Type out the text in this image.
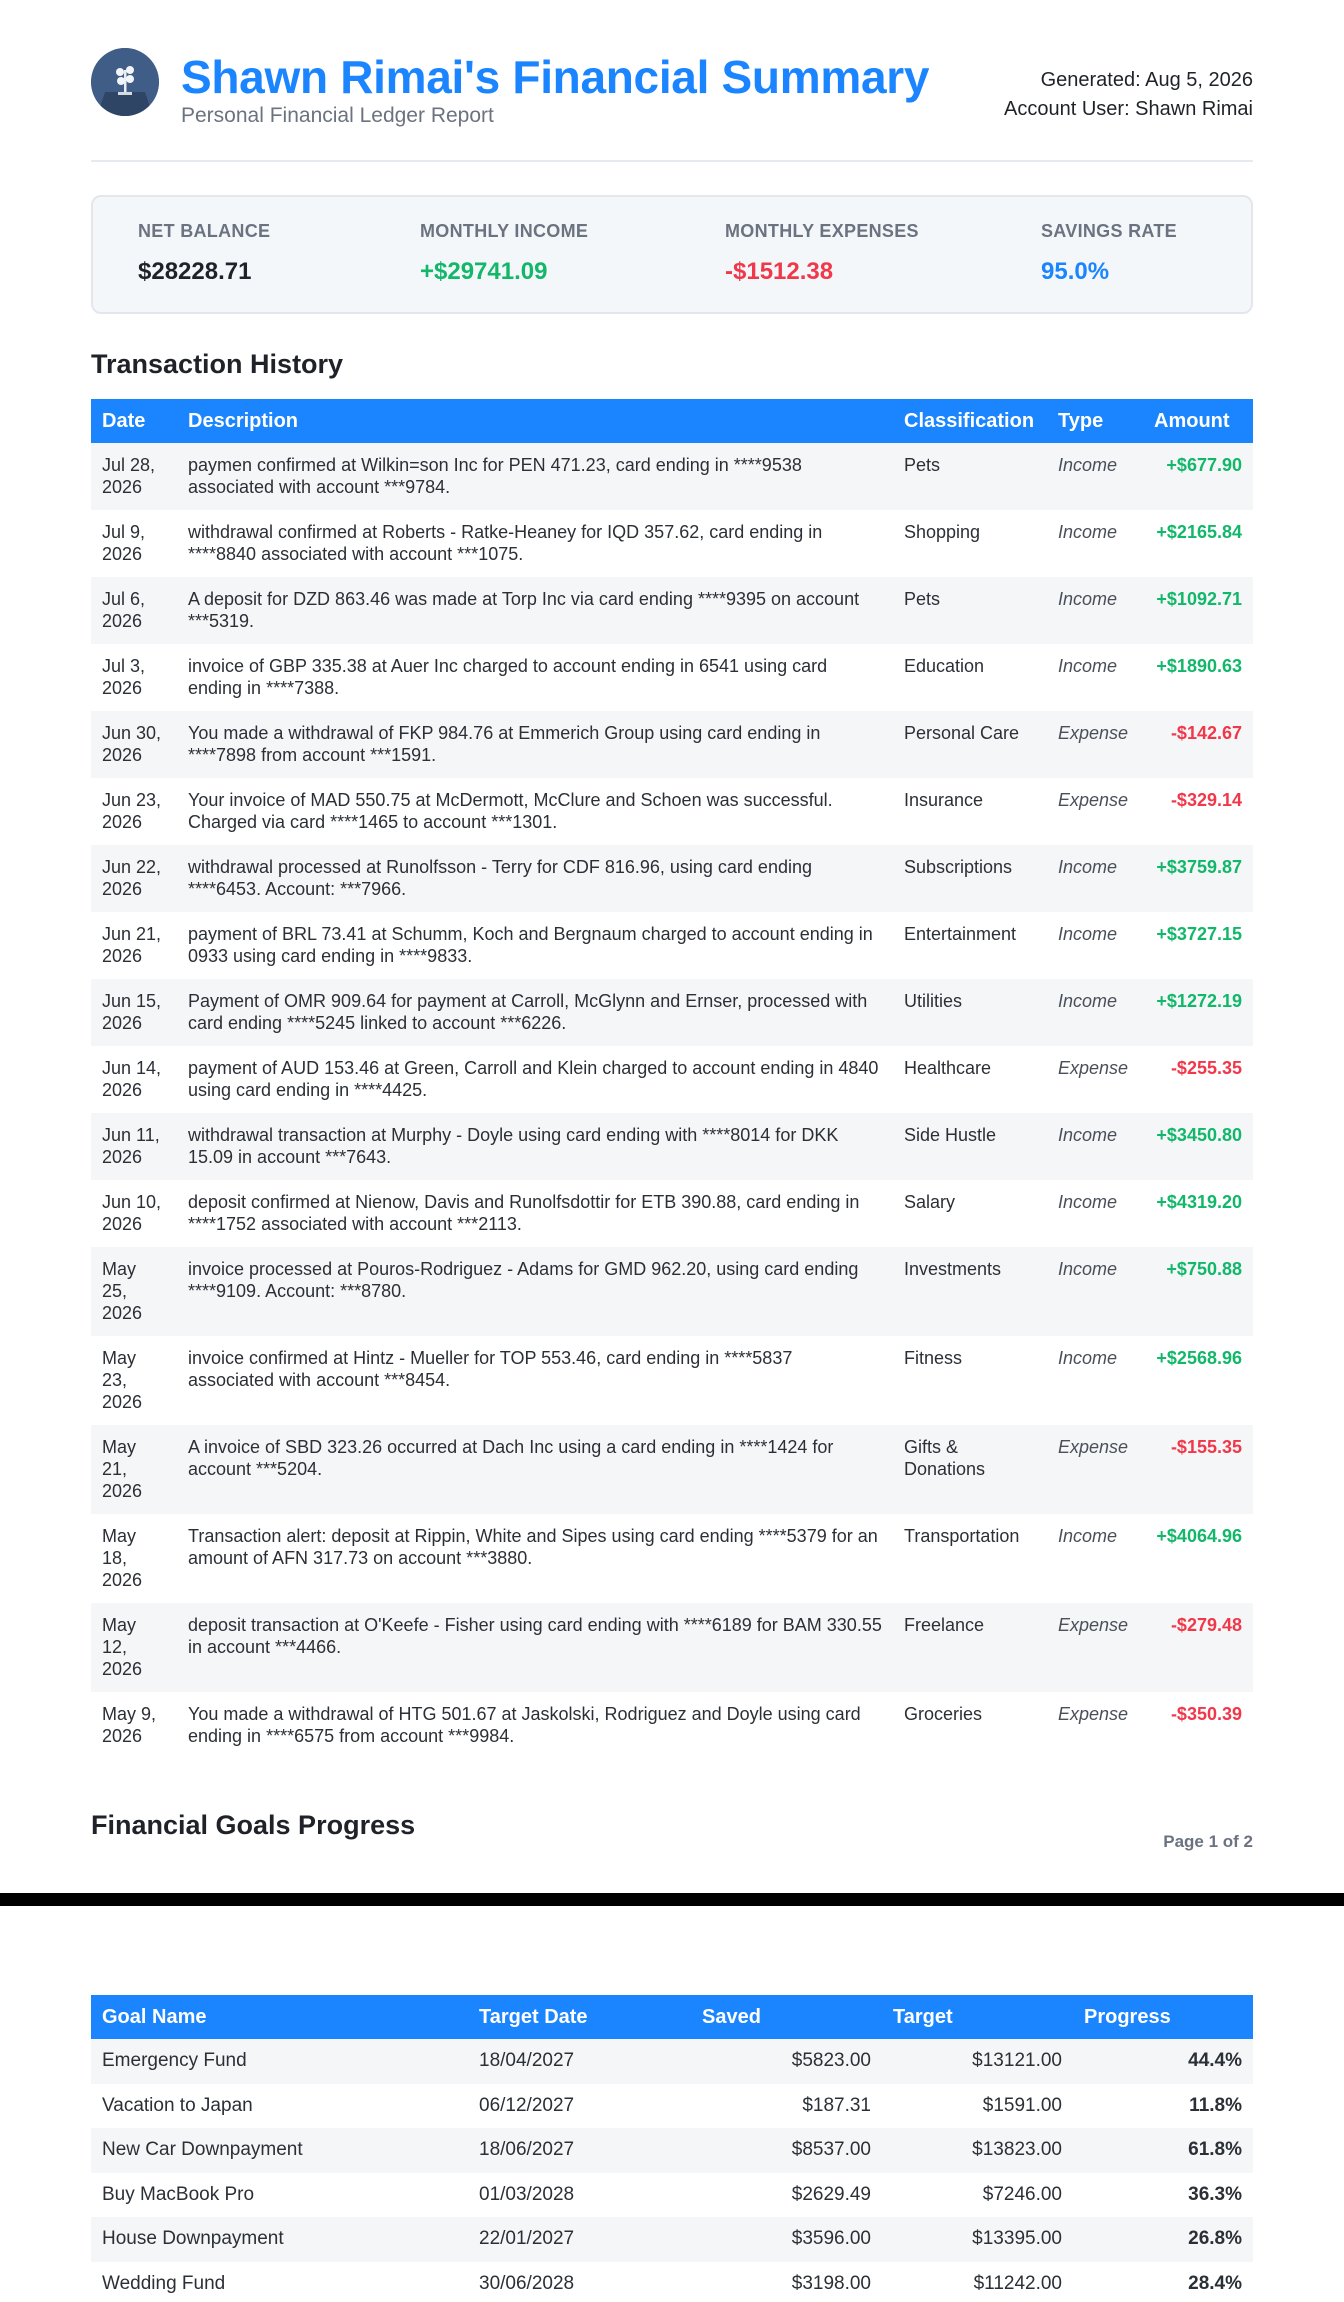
Shawn Rimai's Financial Summary
Personal Financial Ledger Report
Generated: Aug 5, 2026
Account User: Shawn Rimai
NET BALANCE
$28228.71
MONTHLY INCOME
+$29741.09
MONTHLY EXPENSES
-$1512.38
SAVINGS RATE
95.0%
Transaction History
Date	Description	Classification	Type	Amount
Jul 28, 2026	paymen confirmed at Wilkin=son Inc for PEN 471.23, card ending in ****9538 associated with account ***9784.	Pets	Income	+$677.90
Jul 9, 2026	withdrawal confirmed at Roberts - Ratke-Heaney for IQD 357.62, card ending in ****8840 associated with account ***1075.	Shopping	Income	+$2165.84
Jul 6, 2026	A deposit for DZD 863.46 was made at Torp Inc via card ending ****9395 on account ***5319.	Pets	Income	+$1092.71
Jul 3, 2026	invoice of GBP 335.38 at Auer Inc charged to account ending in 6541 using card ending in ****7388.	Education	Income	+$1890.63
Jun 30, 2026	You made a withdrawal of FKP 984.76 at Emmerich Group using card ending in ****7898 from account ***1591.	Personal Care	Expense	-$142.67
Jun 23, 2026	Your invoice of MAD 550.75 at McDermott, McClure and Schoen was successful. Charged via card ****1465 to account ***1301.	Insurance	Expense	-$329.14
Jun 22, 2026	withdrawal processed at Runolfsson - Terry for CDF 816.96, using card ending ****6453. Account: ***7966.	Subscriptions	Income	+$3759.87
Jun 21, 2026	payment of BRL 73.41 at Schumm, Koch and Bergnaum charged to account ending in 0933 using card ending in ****9833.	Entertainment	Income	+$3727.15
Jun 15, 2026	Payment of OMR 909.64 for payment at Carroll, McGlynn and Ernser, processed with card ending ****5245 linked to account ***6226.	Utilities	Income	+$1272.19
Jun 14, 2026	payment of AUD 153.46 at Green, Carroll and Klein charged to account ending in 4840 using card ending in ****4425.	Healthcare	Expense	-$255.35
Jun 11, 2026	withdrawal transaction at Murphy - Doyle using card ending with ****8014 for DKK 15.09 in account ***7643.	Side Hustle	Income	+$3450.80
Jun 10, 2026	deposit confirmed at Nienow, Davis and Runolfsdottir for ETB 390.88, card ending in ****1752 associated with account ***2113.	Salary	Income	+$4319.20
May 25, 2026	invoice processed at Pouros-Rodriguez - Adams for GMD 962.20, using card ending ****9109. Account: ***8780.	Investments	Income	+$750.88
May 23, 2026	invoice confirmed at Hintz - Mueller for TOP 553.46, card ending in ****5837 associated with account ***8454.	Fitness	Income	+$2568.96
May 21, 2026	A invoice of SBD 323.26 occurred at Dach Inc using a card ending in ****1424 for account ***5204.	Gifts & Donations	Expense	-$155.35
May 18, 2026	Transaction alert: deposit at Rippin, White and Sipes using card ending ****5379 for an amount of AFN 317.73 on account ***3880.	Transportation	Income	+$4064.96
May 12, 2026	deposit transaction at O'Keefe - Fisher using card ending with ****6189 for BAM 330.55 in account ***4466.	Freelance	Expense	-$279.48
May 9, 2026	You made a withdrawal of HTG 501.67 at Jaskolski, Rodriguez and Doyle using card ending in ****6575 from account ***9984.	Groceries	Expense	-$350.39
Financial Goals Progress
Page 1 of 2
Goal Name	Target Date	Saved	Target	Progress
Emergency Fund	18/04/2027	$5823.00	$13121.00	44.4%
Vacation to Japan	06/12/2027	$187.31	$1591.00	11.8%
New Car Downpayment	18/06/2027	$8537.00	$13823.00	61.8%
Buy MacBook Pro	01/03/2028	$2629.49	$7246.00	36.3%
House Downpayment	22/01/2027	$3596.00	$13395.00	26.8%
Wedding Fund	30/06/2028	$3198.00	$11242.00	28.4%
